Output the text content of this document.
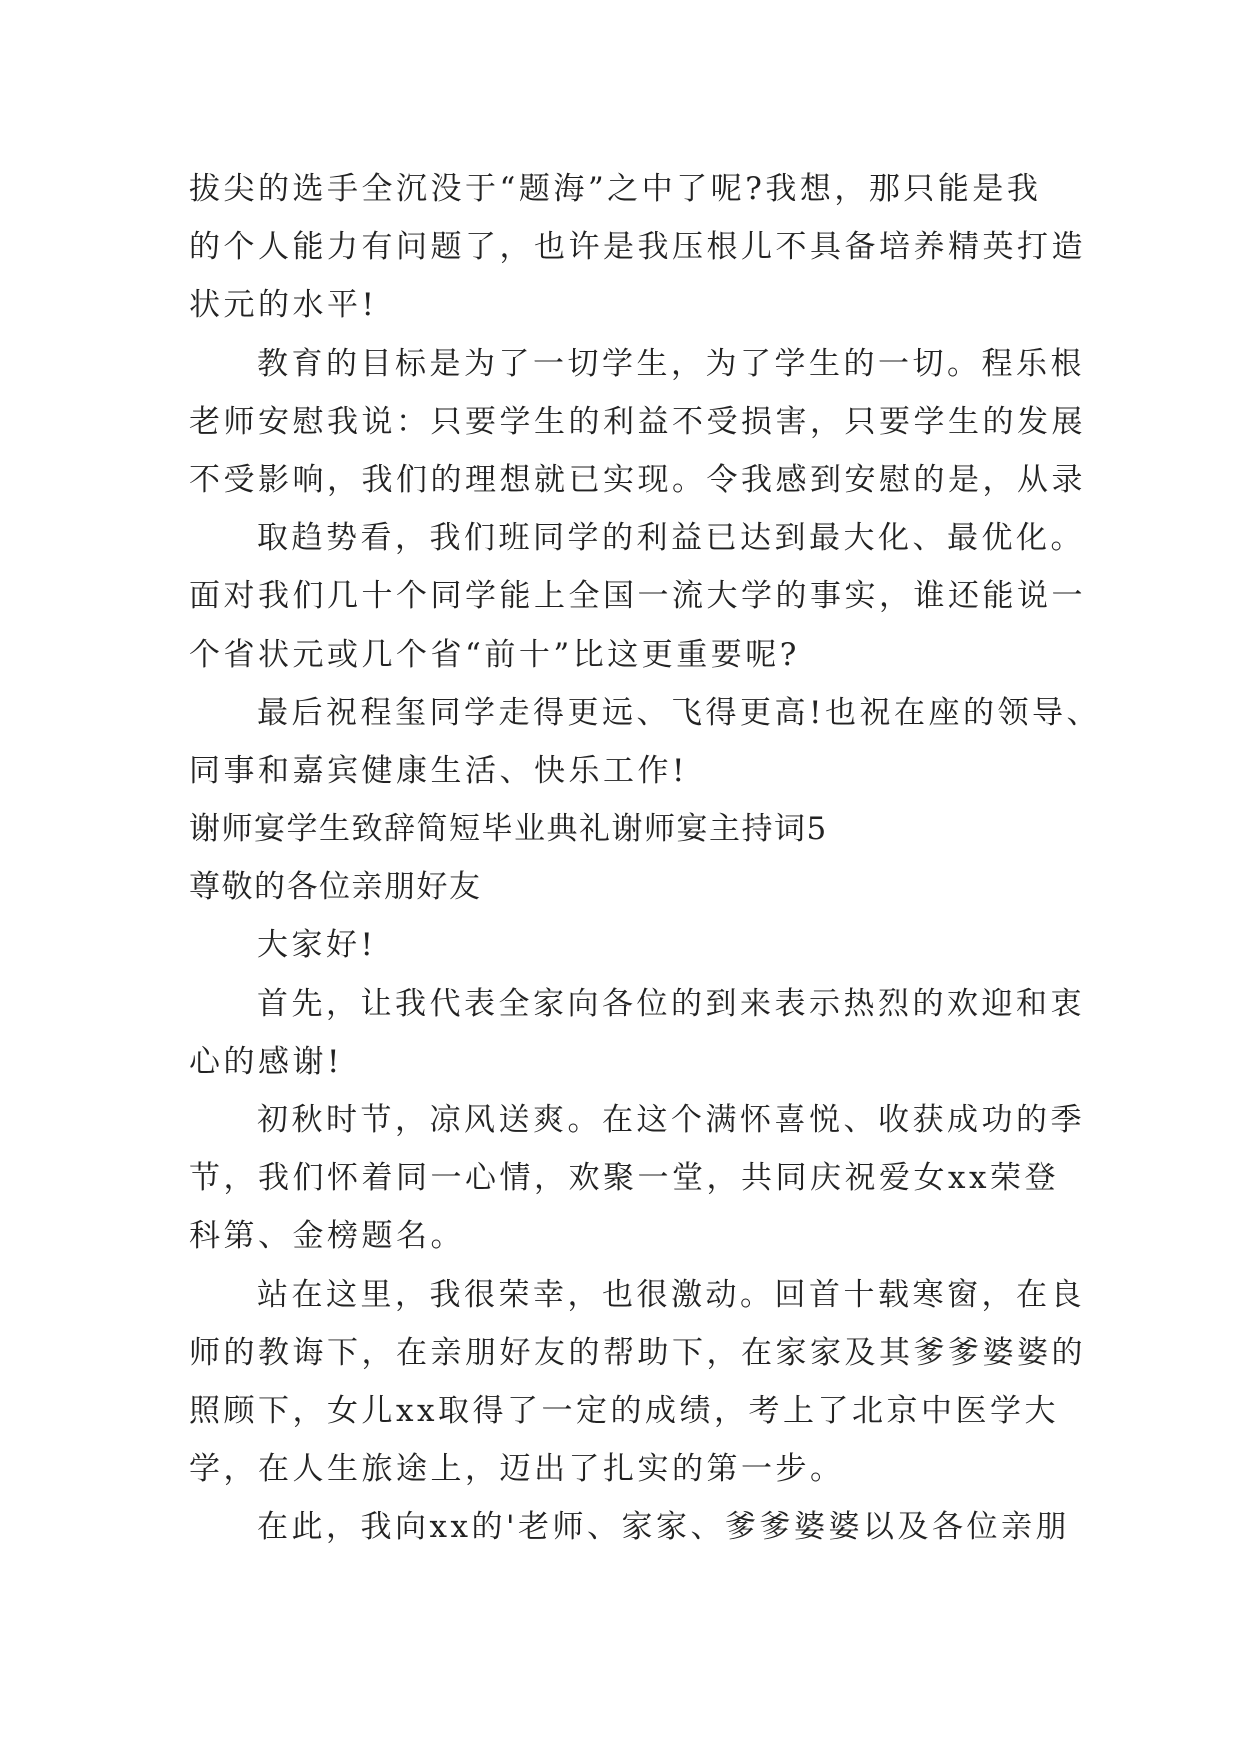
拔尖的选手全沉没于“题海”之中了呢?我想，那只能是我
的个人能力有问题了，也许是我压根儿不具备培养精英打造
状元的水平!
教育的目标是为了一切学生，为了学生的一切。程乐根
老师安慰我说：只要学生的利益不受损害，只要学生的发展
不受影响，我们的理想就已实现。令我感到安慰的是，从录
取趋势看，我们班同学的利益已达到最大化、最优化。
面对我们几十个同学能上全国一流大学的事实，谁还能说一
个省状元或几个省“前十”比这更重要呢?
最后祝程玺同学走得更远、飞得更高!也祝在座的领导、
同事和嘉宾健康生活、快乐工作!
谢师宴学生致辞简短毕业典礼谢师宴主持词5
尊敬的各位亲朋好友
大家好!
首先，让我代表全家向各位的到来表示热烈的欢迎和衷
心的感谢!
初秋时节，凉风送爽。在这个满怀喜悦、收获成功的季
节，我们怀着同一心情，欢聚一堂，共同庆祝爱女xx荣登
科第、金榜题名。
站在这里，我很荣幸，也很激动。回首十载寒窗，在良
师的教诲下，在亲朋好友的帮助下，在家家及其爹爹婆婆的
照顾下，女儿xx取得了一定的成绩，考上了北京中医学大
学，在人生旅途上，迈出了扎实的第一步。
在此，我向xx的'老师、家家、爹爹婆婆以及各位亲朋
